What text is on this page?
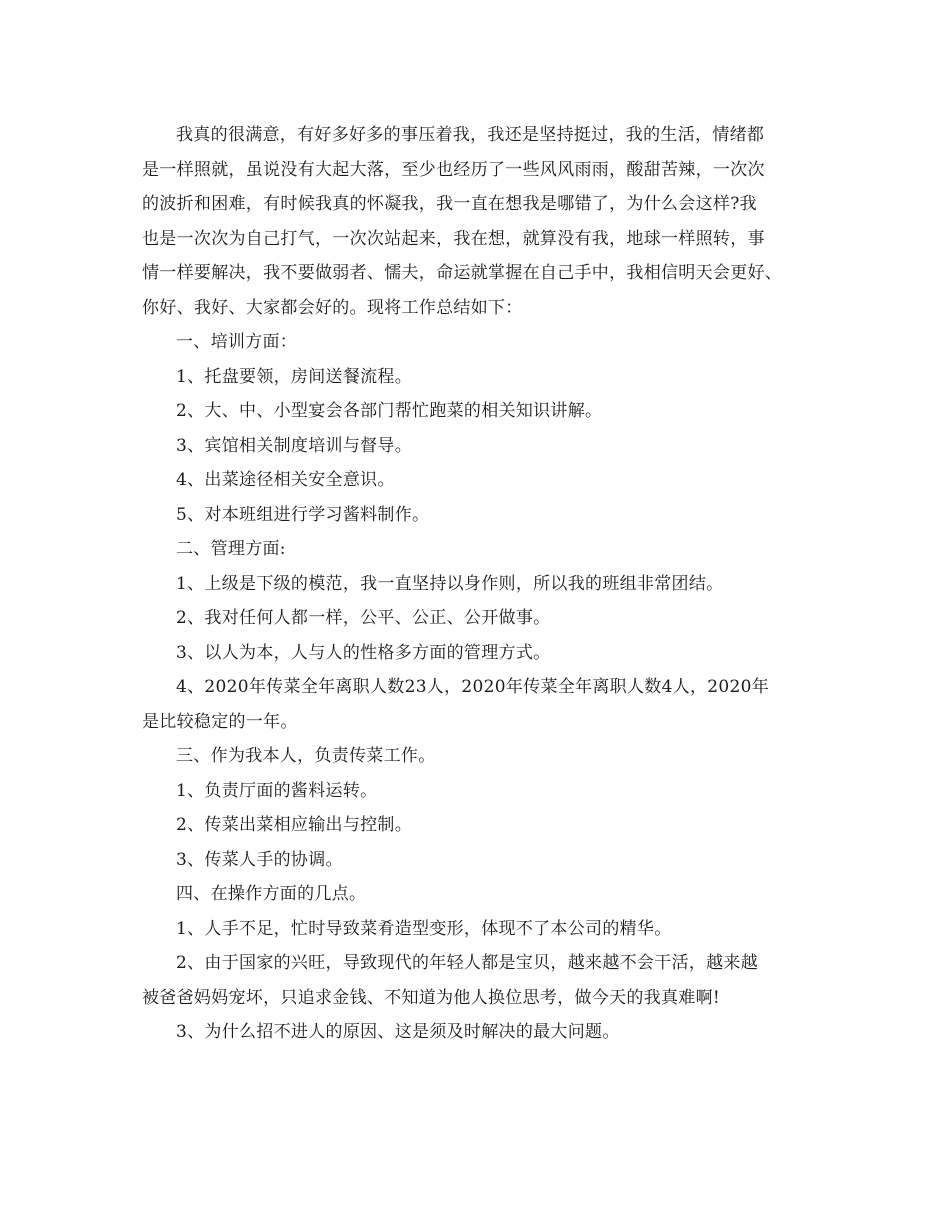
我真的很满意，有好多好多的事压着我，我还是坚持挺过，我的生活，情绪都
是一样照就，虽说没有大起大落，至少也经历了一些风风雨雨，酸甜苦辣，一次次
的波折和困难，有时候我真的怀凝我，我一直在想我是哪错了，为什么会这样?我
也是一次次为自己打气，一次次站起来，我在想，就算没有我，地球一样照转，事
情一样要解决，我不要做弱者、懦夫，命运就掌握在自己手中，我相信明天会更好、
你好、我好、大家都会好的。现将工作总结如下：

一、培训方面：

1、托盘要领，房间送餐流程。

2、大、中、小型宴会各部门帮忙跑菜的相关知识讲解。

3、宾馆相关制度培训与督导。

4、出菜途径相关安全意识。

5、对本班组进行学习酱料制作。

二、管理方面:

1、上级是下级的模范，我一直坚持以身作则，所以我的班组非常团结。

2、我对任何人都一样，公平、公正、公开做事。

3、以人为本，人与人的性格多方面的管理方式。

4、2020年传菜全年离职人数23人，2020年传菜全年离职人数4人，2020年
是比较稳定的一年。

三、作为我本人，负责传菜工作。

1、负责厅面的酱料运转。

2、传菜出菜相应输出与控制。

3、传菜人手的协调。

四、在操作方面的几点。

1、人手不足，忙时导致菜肴造型变形，体现不了本公司的精华。

2、由于国家的兴旺，导致现代的年轻人都是宝贝，越来越不会干活，越来越
被爸爸妈妈宠坏，只追求金钱、不知道为他人换位思考，做今天的我真难啊!

3、为什么招不进人的原因、这是须及时解决的最大问题。
